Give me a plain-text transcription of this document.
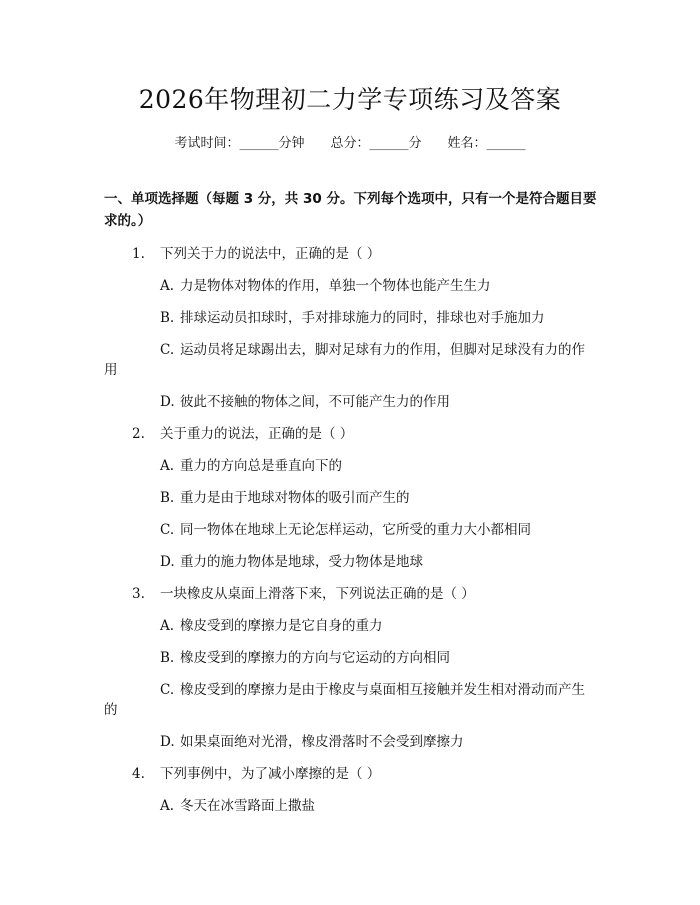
2026年物理初二力学专项练习及答案
考试时间：______分钟 总分：______分 姓名：______
一、单项选择题（每题 3 分，共 30 分。下列每个选项中，只有一个是符合题目要求的。）
1. 下列关于力的说法中，正确的是（ ）
A. 力是物体对物体的作用，单独一个物体也能产生生力
B. 排球运动员扣球时，手对排球施力的同时，排球也对手施加力
C. 运动员将足球踢出去，脚对足球有力的作用，但脚对足球没有力的作
用
D. 彼此不接触的物体之间，不可能产生力的作用
2. 关于重力的说法，正确的是（ ）
A. 重力的方向总是垂直向下的
B. 重力是由于地球对物体的吸引而产生的
C. 同一物体在地球上无论怎样运动，它所受的重力大小都相同
D. 重力的施力物体是地球，受力物体是地球
3. 一块橡皮从桌面上滑落下来，下列说法正确的是（ ）
A. 橡皮受到的摩擦力是它自身的重力
B. 橡皮受到的摩擦力的方向与它运动的方向相同
C. 橡皮受到的摩擦力是由于橡皮与桌面相互接触并发生相对滑动而产生
的
D. 如果桌面绝对光滑，橡皮滑落时不会受到摩擦力
4. 下列事例中，为了减小摩擦的是（ ）
A. 冬天在冰雪路面上撒盐
